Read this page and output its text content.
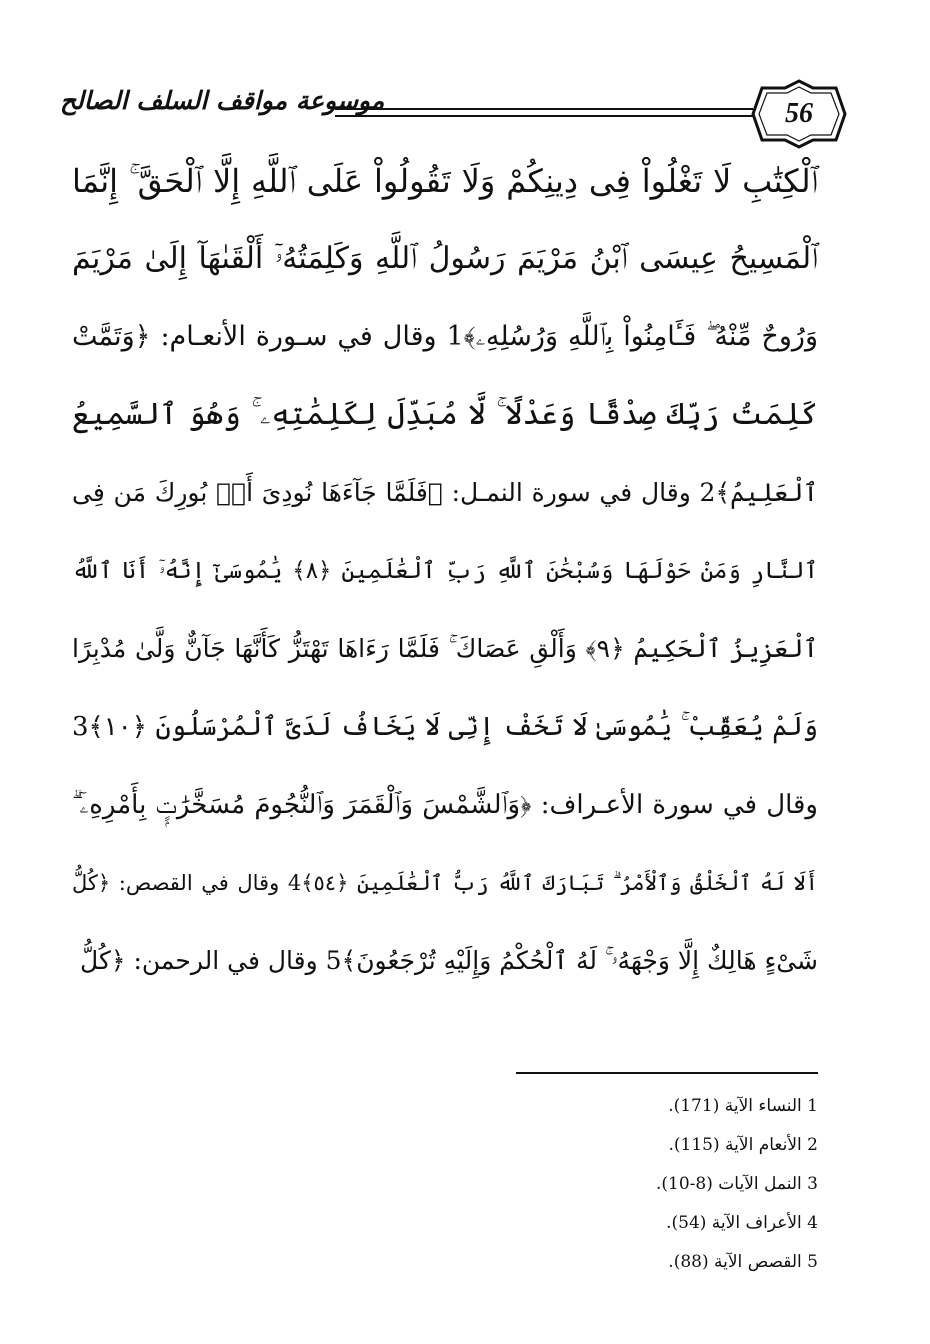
موسوعة مواقف السلف الصالح	56
ٱلْكِتَٰبِ لَا تَغْلُواْ فِى دِينِكُمْ وَلَا تَقُولُواْ عَلَى ٱللَّهِ إِلَّا ٱلْحَقَّ ۚ إِنَّمَا
ٱلْمَسِيحُ عِيسَى ٱبْنُ مَرْيَمَ رَسُولُ ٱللَّهِ وَكَلِمَتُهُۥٓ أَلْقَىٰهَآ إِلَىٰ مَرْيَمَ
وَرُوحٌ مِّنْهُ ۖ فَـَٔامِنُواْ بِٱللَّهِ وَرُسُلِهِۦ﴾1 وقال في سـورة الأنعـام: ﴿وَتَمَّتْ
كَلِمَتُ رَبِّكَ صِدْقًا وَعَدْلًا ۚ لَّا مُبَدِّلَ لِكَلِمَٰتِهِۦ ۚ وَهُوَ ٱلسَّمِيعُ
ٱلْعَلِيمُ﴾2 وقال في سورة النمـل: ﴿فَلَمَّا جَآءَهَا نُودِىَ أَنۢ بُورِكَ مَن فِى
ٱلنَّارِ وَمَنْ حَوْلَهَا وَسُبْحَٰنَ ٱللَّهِ رَبِّ ٱلْعَٰلَمِينَ ﴿٨﴾ يَٰمُوسَىٰٓ إِنَّهُۥٓ أَنَا ٱللَّهُ
ٱلْعَزِيزُ ٱلْحَكِيمُ ﴿٩﴾ وَأَلْقِ عَصَاكَ ۚ فَلَمَّا رَءَاهَا تَهْتَزُّ كَأَنَّهَا جَآنٌّ وَلَّىٰ مُدْبِرًا
وَلَمْ يُعَقِّبْ ۚ يَٰمُوسَىٰ لَا تَخَفْ إِنِّى لَا يَخَافُ لَدَىَّ ٱلْمُرْسَلُونَ ﴿١٠﴾3
وقال في سورة الأعـراف: ﴿وَٱلشَّمْسَ وَٱلْقَمَرَ وَٱلنُّجُومَ مُسَخَّرَٰتٍۭ بِأَمْرِهِۦٓ ۗ
أَلَا لَهُ ٱلْخَلْقُ وَٱلْأَمْرُ ۗ تَبَارَكَ ٱللَّهُ رَبُّ ٱلْعَٰلَمِينَ ﴿٥٤﴾4 وقال في القصص: ﴿كُلُّ
شَىْءٍ هَالِكٌ إِلَّا وَجْهَهُۥ ۚ لَهُ ٱلْحُكْمُ وَإِلَيْهِ تُرْجَعُونَ﴾5 وقال في الرحمن: ﴿كُلُّ
1 النساء الآية (171).
2 الأنعام الآية (115).
3 النمل الآيات (8-10).
4 الأعراف الآية (54).
5 القصص الآية (88).
